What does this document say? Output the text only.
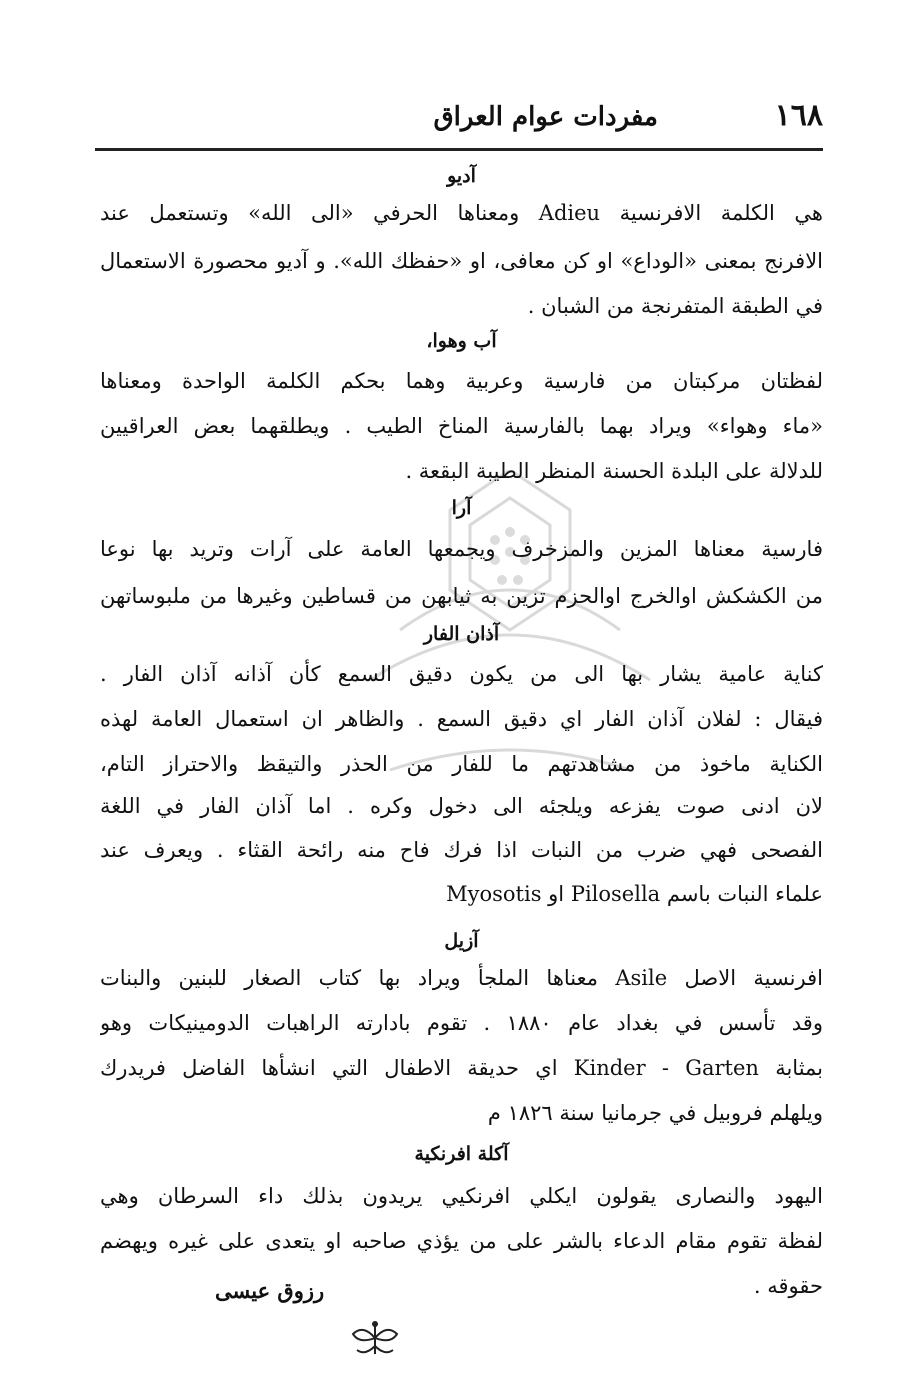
١٦٨
مفردات عوام العراق
آديو
هي الكلمة الافرنسية Adieu ومعناها الحرفي «الى الله» وتستعمل عند
الافرنج بمعنى «الوداع» او كن معافى، او «حفظك الله». و آديو محصورة الاستعمال
في الطبقة المتفرنجة من الشبان .
آب وهوا،
لفظتان مركبتان من فارسية وعربية وهما بحكم الكلمة الواحدة ومعناها
«ماء وهواء» ويراد بهما بالفارسية المناخ الطيب . ويطلقهما بعض العراقيين
للدلالة على البلدة الحسنة المنظر الطيبة البقعة .
آرا
فارسية معناها المزين والمزخرف ويجمعها العامة على آرات وتريد بها نوعا
من الكشكش اوالخرج اوالحزم تزين به ثيابهن من قساطين وغيرها من ملبوساتهن
آذان الفار
كناية عامية يشار بها الى من يكون دقيق السمع كأن آذانه آذان الفار .
فيقال : لفلان آذان الفار اي دقيق السمع . والظاهر ان استعمال العامة لهذه
الكناية ماخوذ من مشاهدتهم ما للفار من الحذر والتيقظ والاحتراز التام،
لان ادنى صوت يفزعه ويلجئه الى دخول وكره . اما آذان الفار في اللغة
الفصحى فهي ضرب من النبات اذا فرك فاح منه رائحة القثاء . ويعرف عند
علماء النبات باسم Pilosella او Myosotis
آزيل
افرنسية الاصل Asile معناها الملجأ ويراد بها كتاب الصغار للبنين والبنات
وقد تأسس في بغداد عام ١٨٨٠ . تقوم بادارته الراهبات الدومينيكات وهو
بمثابة Kinder - Garten اي حديقة الاطفال التي انشأها الفاضل فريدرك
ويلهلم فروبيل في جرمانيا سنة ١٨٢٦ م
آكلة افرنكية
اليهود والنصارى يقولون ايكلي افرنكيي يريدون بذلك داء السرطان وهي
لفظة تقوم مقام الدعاء بالشر على من يؤذي صاحبه او يتعدى على غيره ويهضم
حقوقه .
رزوق عيسى
